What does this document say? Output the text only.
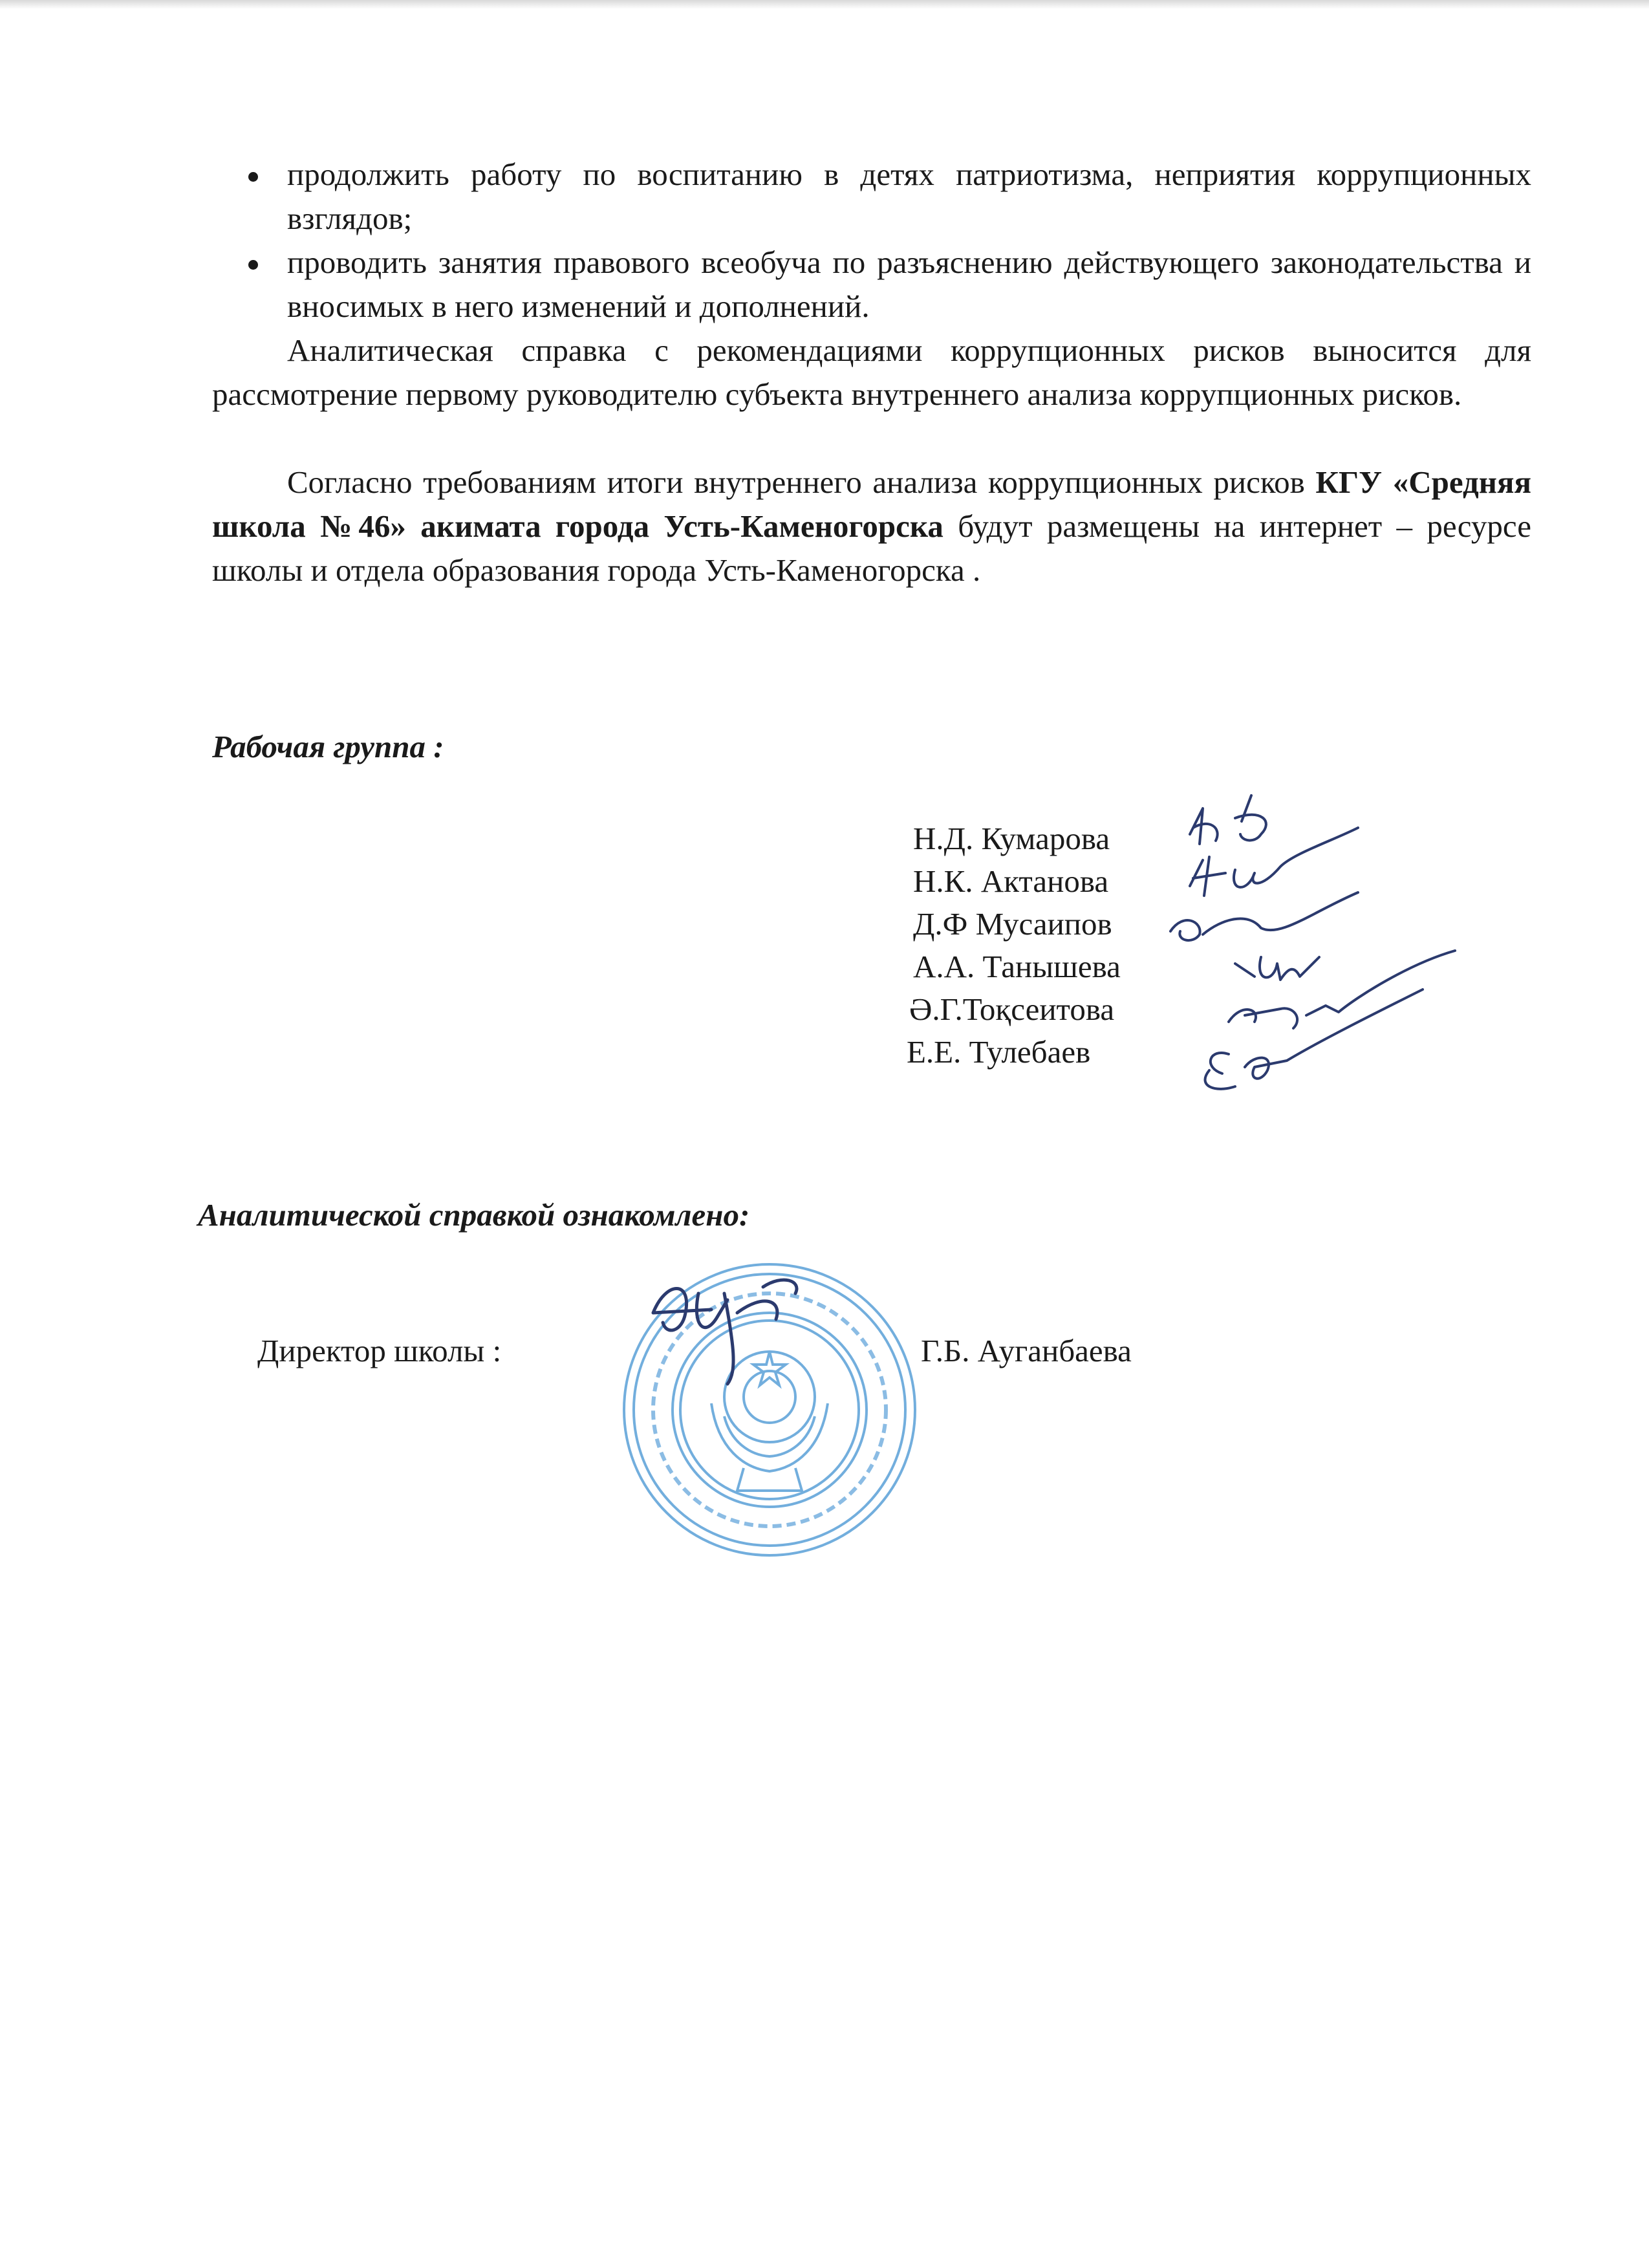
продолжить работу по воспитанию в детях патриотизма, неприятия коррупционных взглядов;
проводить занятия правового всеобуча по разъяснению действующего законодательства и вносимых в него изменений и дополнений.

Аналитическая справка с рекомендациями коррупционных рисков выносится для рассмотрение первому руководителю субъекта внутреннего анализа коррупционных рисков.

Согласно требованиям итоги внутреннего анализа коррупционных рисков КГУ «Средняя школа №46» акимата города Усть-Каменогорска будут размещены на интернет – ресурсе школы и отдела образования города Усть-Каменогорска .

Рабочая группа :
Н.Д. Кумарова
Н.К. Актанова
Д.Ф Мусаипов
А.А. Танышева
Ә.Г.Тоқсеитова
Е.Е. Тулебаев
Аналитической справкой ознакомлено:
Директор школы :	Г.Б. Ауганбаева
